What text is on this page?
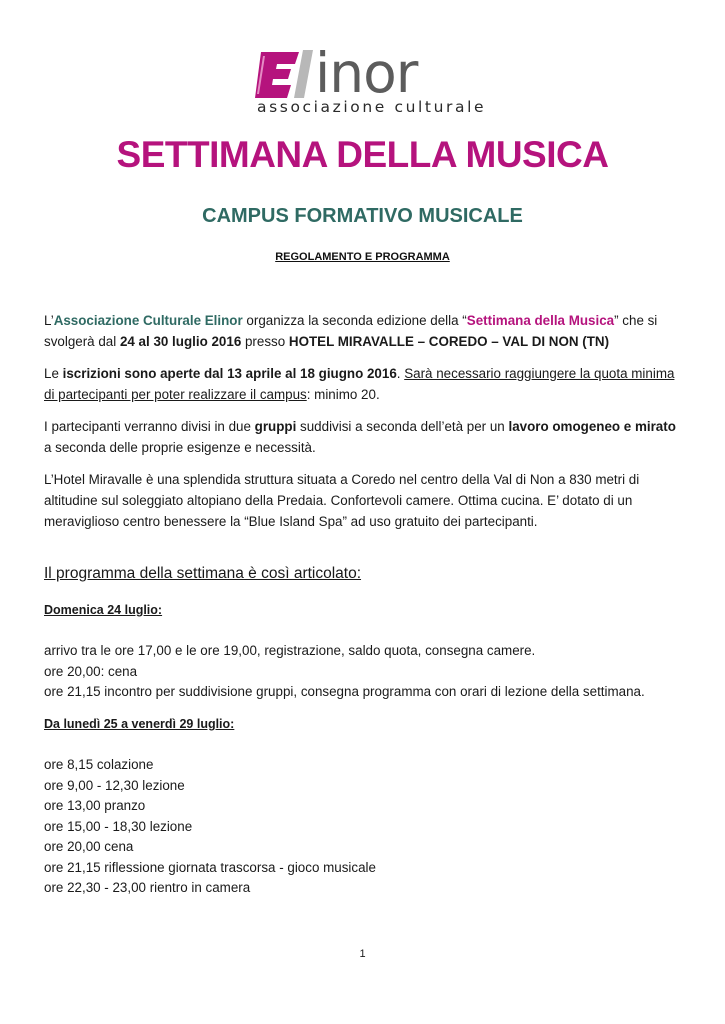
inor
associazione culturale
SETTIMANA DELLA MUSICA
CAMPUS FORMATIVO MUSICALE
REGOLAMENTO E PROGRAMMA
L’Associazione Culturale Elinor organizza la seconda edizione della “Settimana della Musica” che si svolgerà dal 24 al 30 luglio 2016 presso HOTEL MIRAVALLE – COREDO – VAL DI NON (TN)
Le iscrizioni sono aperte dal 13 aprile al 18 giugno 2016. Sarà necessario raggiungere la quota minima di partecipanti per poter realizzare il campus: minimo 20.
I partecipanti verranno divisi in due gruppi suddivisi a seconda dell’età per un lavoro omogeneo e mirato a seconda delle proprie esigenze e necessità.
L’Hotel Miravalle è una splendida struttura situata a Coredo nel centro della Val di Non a 830 metri di altitudine sul soleggiato altopiano della Predaia. Confortevoli camere. Ottima cucina. E’ dotato di un meraviglioso centro benessere la “Blue Island Spa” ad uso gratuito dei partecipanti.
Il programma della settimana è così articolato:
Domenica 24 luglio:
arrivo tra le ore 17,00 e le ore 19,00, registrazione, saldo quota, consegna camere.
ore 20,00: cena
ore 21,15 incontro per suddivisione gruppi, consegna programma con orari di lezione della settimana.
Da lunedì 25 a venerdì 29 luglio:
ore 8,15 colazione
ore 9,00 - 12,30 lezione
ore 13,00 pranzo
ore 15,00 - 18,30 lezione
ore 20,00 cena
ore 21,15 riflessione giornata trascorsa - gioco musicale
ore 22,30 - 23,00 rientro in camera
1
